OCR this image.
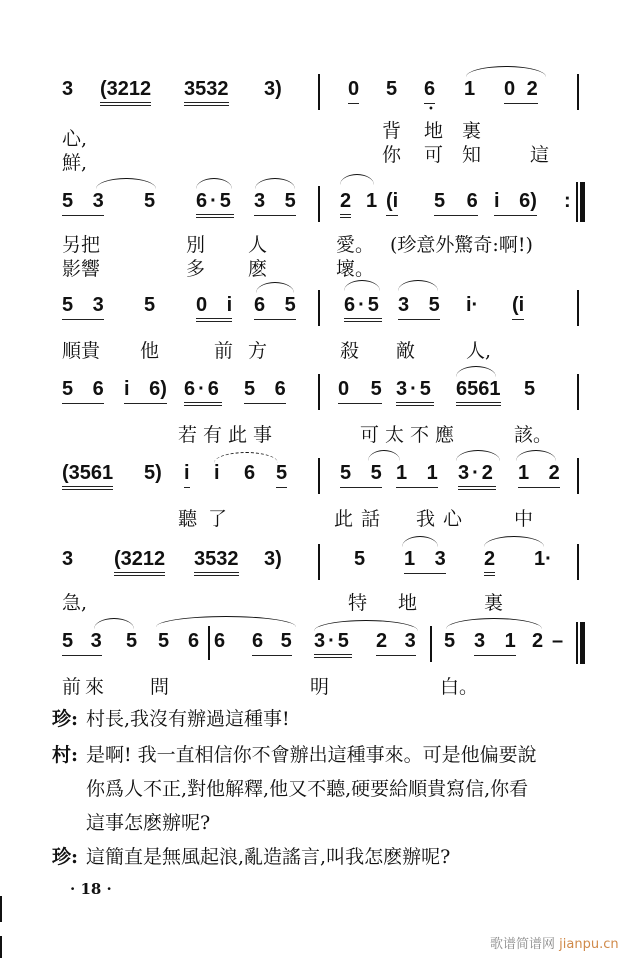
3 (3212 3532 3)	0 5 6 1 0 2
•
心,	背 地 裏
鮮,	你 可 知	這
5 3 5 6·5 3 5 2 1 (i 5 6 i 6) :
另把	別 人	愛。 (珍意外驚奇:啊!)
影響	多 麽	壞。
5 3 5 0 i 6 5 6·5 3 5 i· (i
順貴 他	前 方	殺 敵	人,
5 6 i 6) 6·6 5 6	0 5 3·5 6561 5
若有此事	可太不應	該。
(3561 5) i i 6 5	5 5 1 1 3·2 1 2
聽 了	此話 我心 中
3 (3212 3532 3)	5 1 3 2 1·
急,	特 地	裏
5 3 5 5 6 6 6 5 3·5 2 3 5 3 1 2 –
前來 問	明	白。
珍: 村長,我沒有辦過這種事!
村: 是啊! 我一直相信你不會辦出這種事來。可是他偏要說
你爲人不正,對他解釋,他又不聽,硬要給順貴寫信,你看
這事怎麽辦呢?
珍: 這簡直是無風起浪,亂造謠言,叫我怎麽辦呢?
· 18 ·
歌谱简谱网 jianpu.cn
